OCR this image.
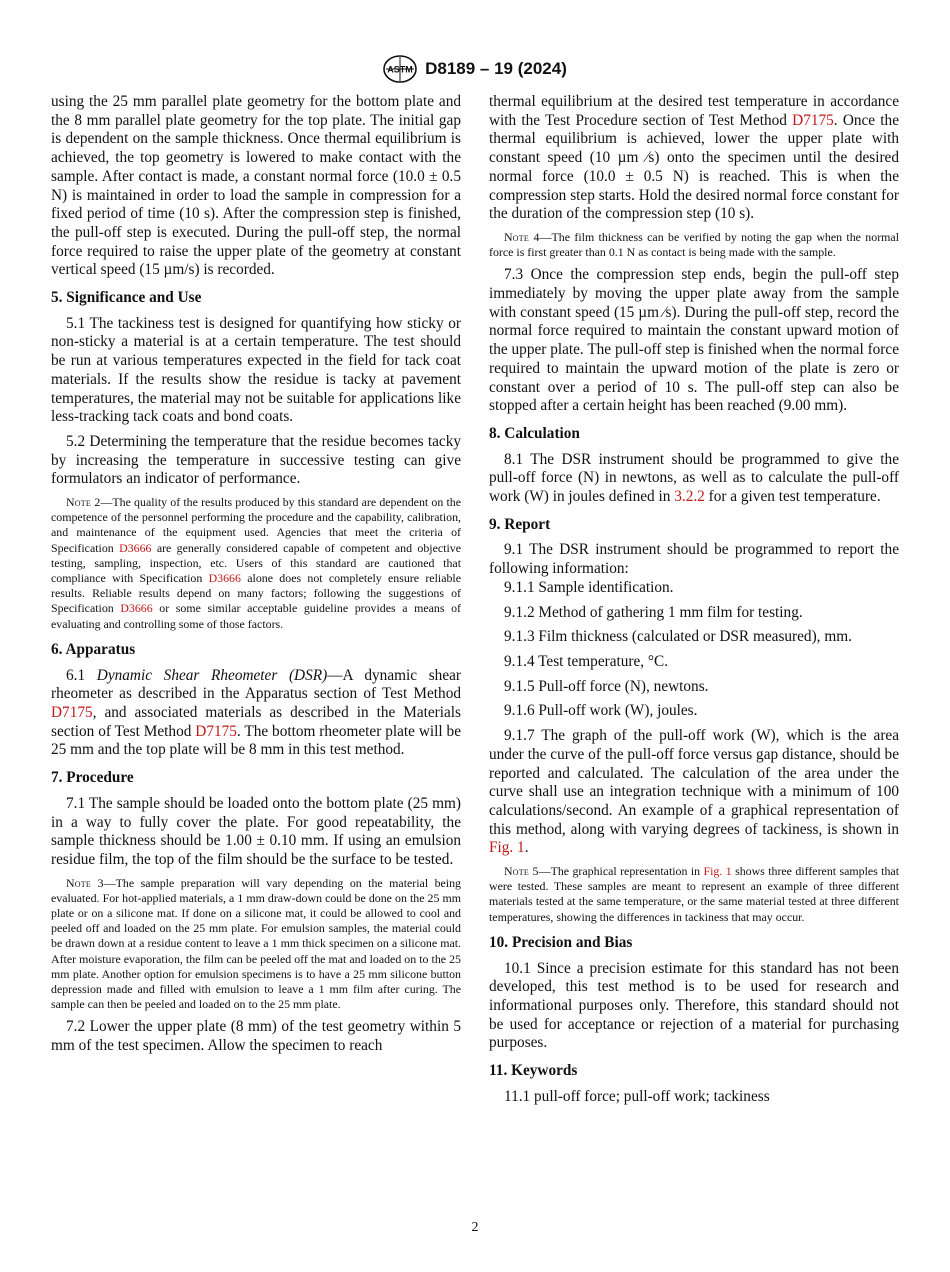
ASTM D8189 – 19 (2024)

using the 25 mm parallel plate geometry for the bottom plate and the 8 mm parallel plate geometry for the top plate. The initial gap is dependent on the sample thickness. Once thermal equilibrium is achieved, the top geometry is lowered to make contact with the sample. After contact is made, a constant normal force (10.0 ± 0.5 N) is maintained in order to load the sample in compression for a fixed period of time (10 s). After the compression step is finished, the pull-off step is executed. During the pull-off step, the normal force required to raise the upper plate of the geometry at constant vertical speed (15 µm/s) is recorded.

5. Significance and Use

5.1 The tackiness test is designed for quantifying how sticky or non-sticky a material is at a certain temperature. The test should be run at various temperatures expected in the field for tack coat materials. If the results show the residue is tacky at pavement temperatures, the material may not be suitable for applications like less-tracking tack coats and bond coats.

5.2 Determining the temperature that the residue becomes tacky by increasing the temperature in successive testing can give formulators an indicator of performance.

Note 2—The quality of the results produced by this standard are dependent on the competence of the personnel performing the procedure and the capability, calibration, and maintenance of the equipment used. Agencies that meet the criteria of Specification D3666 are generally considered capable of competent and objective testing, sampling, inspection, etc. Users of this standard are cautioned that compliance with Specification D3666 alone does not completely ensure reliable results. Reliable results depend on many factors; following the suggestions of Specification D3666 or some similar acceptable guideline provides a means of evaluating and controlling some of those factors.

6. Apparatus

6.1 Dynamic Shear Rheometer (DSR)—A dynamic shear rheometer as described in the Apparatus section of Test Method D7175, and associated materials as described in the Materials section of Test Method D7175. The bottom rheometer plate will be 25 mm and the top plate will be 8 mm in this test method.

7. Procedure

7.1 The sample should be loaded onto the bottom plate (25 mm) in a way to fully cover the plate. For good repeatability, the sample thickness should be 1.00 ± 0.10 mm. If using an emulsion residue film, the top of the film should be the surface to be tested.

Note 3—The sample preparation will vary depending on the material being evaluated. For hot-applied materials, a 1 mm draw-down could be done on the 25 mm plate or on a silicone mat. If done on a silicone mat, it could be allowed to cool and peeled off and loaded on the 25 mm plate. For emulsion samples, the material could be drawn down at a residue content to leave a 1 mm thick specimen on a silicone mat. After moisture evaporation, the film can be peeled off the mat and loaded on to the 25 mm plate. Another option for emulsion specimens is to have a 25 mm silicone button depression made and filled with emulsion to leave a 1 mm film after curing. The sample can then be peeled and loaded on to the 25 mm plate.

7.2 Lower the upper plate (8 mm) of the test geometry within 5 mm of the test specimen. Allow the specimen to reach

thermal equilibrium at the desired test temperature in accordance with the Test Procedure section of Test Method D7175. Once the thermal equilibrium is achieved, lower the upper plate with constant speed (10 µm ⁄s) onto the specimen until the desired normal force (10.0 ± 0.5 N) is reached. This is when the compression step starts. Hold the desired normal force constant for the duration of the compression step (10 s).

Note 4—The film thickness can be verified by noting the gap when the normal force is first greater than 0.1 N as contact is being made with the sample.

7.3 Once the compression step ends, begin the pull-off step immediately by moving the upper plate away from the sample with constant speed (15 µm ⁄s). During the pull-off step, record the normal force required to maintain the constant upward motion of the upper plate. The pull-off step is finished when the normal force required to maintain the upward motion of the plate is zero or constant over a period of 10 s. The pull-off step can also be stopped after a certain height has been reached (9.00 mm).

8. Calculation

8.1 The DSR instrument should be programmed to give the pull-off force (N) in newtons, as well as to calculate the pull-off work (W) in joules defined in 3.2.2 for a given test temperature.

9. Report

9.1 The DSR instrument should be programmed to report the following information:

9.1.1 Sample identification.

9.1.2 Method of gathering 1 mm film for testing.

9.1.3 Film thickness (calculated or DSR measured), mm.

9.1.4 Test temperature, °C.

9.1.5 Pull-off force (N), newtons.

9.1.6 Pull-off work (W), joules.

9.1.7 The graph of the pull-off work (W), which is the area under the curve of the pull-off force versus gap distance, should be reported and calculated. The calculation of the area under the curve shall use an integration technique with a minimum of 100 calculations/second. An example of a graphical representation of this method, along with varying degrees of tackiness, is shown in Fig. 1.

Note 5—The graphical representation in Fig. 1 shows three different samples that were tested. These samples are meant to represent an example of three different materials tested at the same temperature, or the same material tested at three different temperatures, showing the differences in tackiness that may occur.

10. Precision and Bias

10.1 Since a precision estimate for this standard has not been developed, this test method is to be used for research and informational purposes only. Therefore, this standard should not be used for acceptance or rejection of a material for purchasing purposes.

11. Keywords

11.1 pull-off force; pull-off work; tackiness

2
